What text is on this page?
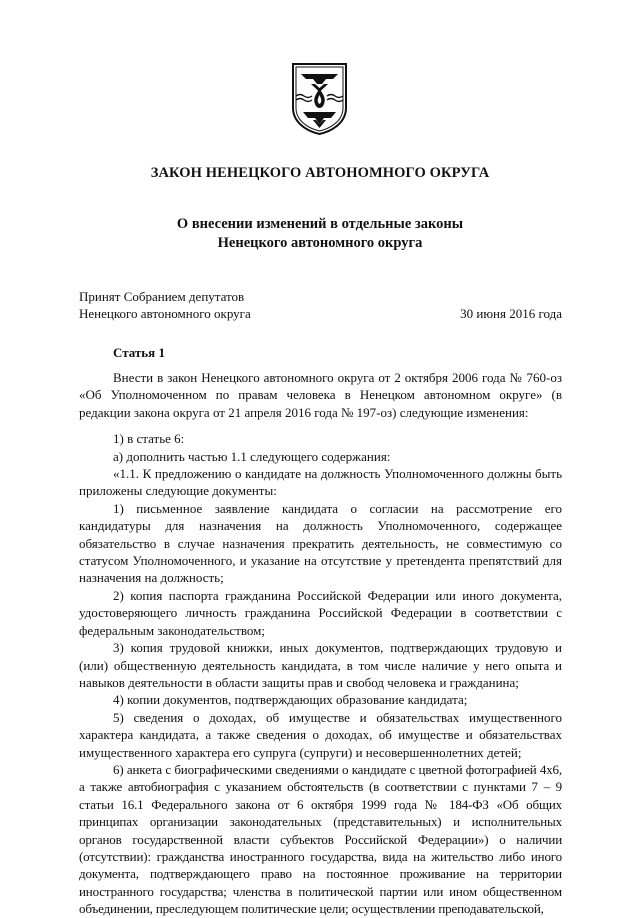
ЗАКОН НЕНЕЦКОГО АВТОНОМНОГО ОКРУГА
О внесении изменений в отдельные законы
Ненецкого автономного округа
Принят Собранием депутатов
Ненецкого автономного округа	30 июня 2016 года
Статья 1

Внести в закон Ненецкого автономного округа от 2 октября 2006 года № 760-оз «Об Уполномоченном по правам человека в Ненецком автономном округе» (в редакции закона округа от 21 апреля 2016 года № 197-оз) следующие изменения:

1) в статье 6:

а) дополнить частью 1.1 следующего содержания:

«1.1. К предложению о кандидате на должность Уполномоченного должны быть приложены следующие документы:

1) письменное заявление кандидата о согласии на рассмотрение его кандидатуры для назначения на должность Уполномоченного, содержащее обязательство в случае назначения прекратить деятельность, не совместимую со статусом Уполномоченного, и указание на отсутствие у претендента препятствий для назначения на должность;

2) копия паспорта гражданина Российской Федерации или иного документа, удостоверяющего личность гражданина Российской Федерации в соответствии с федеральным законодательством;

3) копия трудовой книжки, иных документов, подтверждающих трудовую и (или) общественную деятельность кандидата, в том числе наличие у него опыта и навыков деятельности в области защиты прав и свобод человека и гражданина;

4) копии документов, подтверждающих образование кандидата;

5) сведения о доходах, об имуществе и обязательствах имущественного характера кандидата, а также сведения о доходах, об имуществе и обязательствах имущественного характера его супруга (супруги) и несовершеннолетних детей;

6) анкета с биографическими сведениями о кандидате с цветной фотографией 4х6, а также автобиография с указанием обстоятельств (в соответствии с пунктами 7 – 9 статьи 16.1 Федерального закона от 6 октября 1999 года № 184-ФЗ «Об общих принципах организации законодательных (представительных) и исполнительных органов государственной власти субъектов Российской Федерации») о наличии (отсутствии): гражданства иностранного государства, вида на жительство либо иного документа, подтверждающего право на постоянное проживание на территории иностранного государства; членства в политической партии или ином общественном объединении, преследующем политические цели; осуществлении преподавательской,
